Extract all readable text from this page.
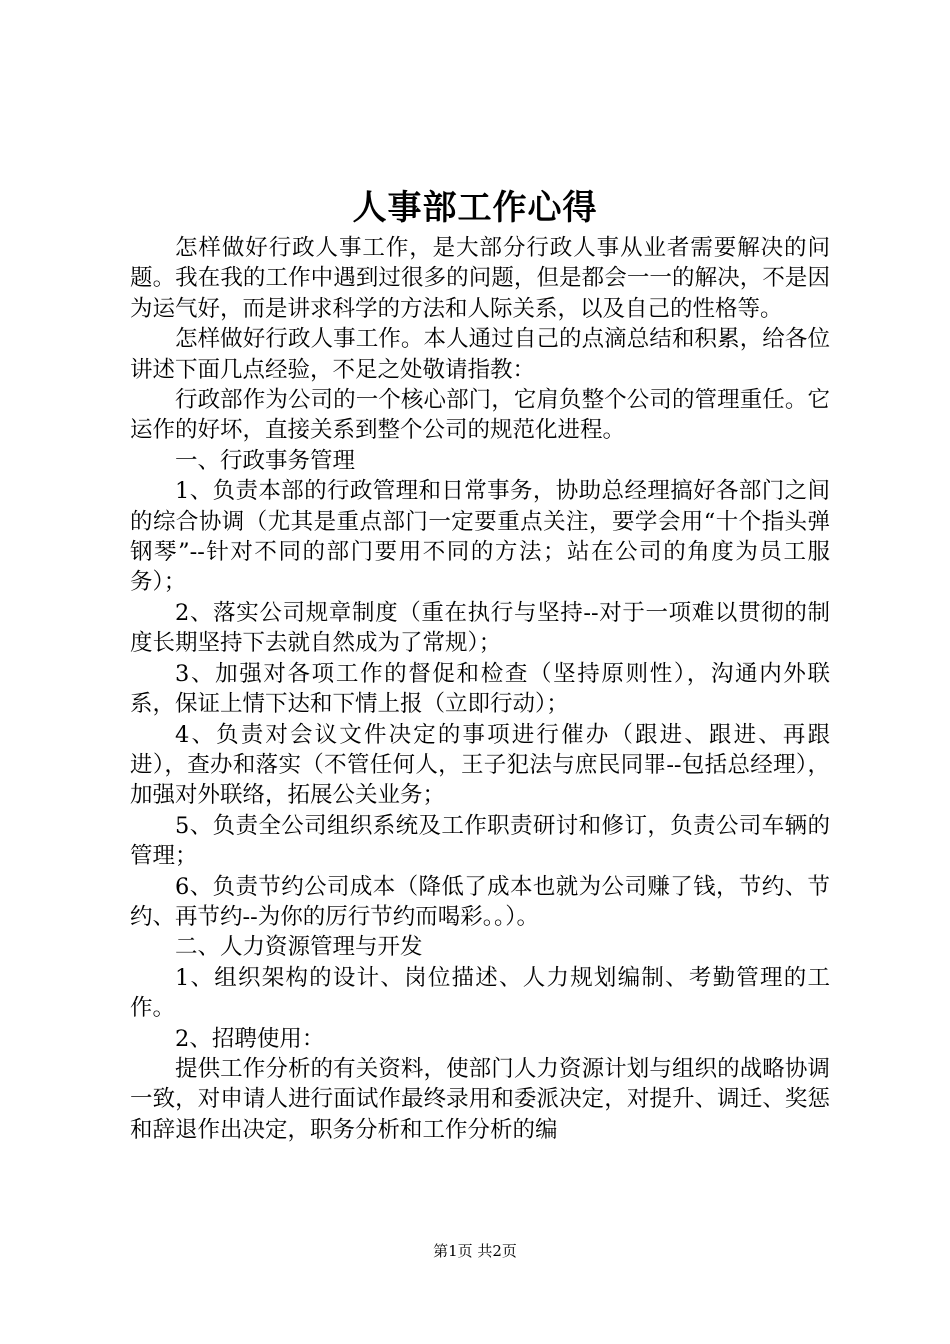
人事部工作心得

怎样做好行政人事工作，是大部分行政人事从业者需要解决的问题。我在我的工作中遇到过很多的问题，但是都会一一的解决，不是因为运气好，而是讲求科学的方法和人际关系，以及自己的性格等。

怎样做好行政人事工作。本人通过自己的点滴总结和积累，给各位讲述下面几点经验，不足之处敬请指教：

行政部作为公司的一个核心部门，它肩负整个公司的管理重任。它运作的好坏，直接关系到整个公司的规范化进程。

一、行政事务管理

1、负责本部的行政管理和日常事务，协助总经理搞好各部门之间的综合协调（尤其是重点部门一定要重点关注，要学会用“十个指头弹钢琴”--针对不同的部门要用不同的方法；站在公司的角度为员工服务）；

2、落实公司规章制度（重在执行与坚持--对于一项难以贯彻的制度长期坚持下去就自然成为了常规）；

3、加强对各项工作的督促和检查（坚持原则性），沟通内外联系，保证上情下达和下情上报（立即行动）；

4、负责对会议文件决定的事项进行催办（跟进、跟进、再跟进），查办和落实（不管任何人，王子犯法与庶民同罪--包括总经理），加强对外联络，拓展公关业务；

5、负责全公司组织系统及工作职责研讨和修订，负责公司车辆的管理；

6、负责节约公司成本（降低了成本也就为公司赚了钱，节约、节约、再节约--为你的厉行节约而喝彩。。）。

二、人力资源管理与开发

1、组织架构的设计、岗位描述、人力规划编制、考勤管理的工作。

2、招聘使用：

提供工作分析的有关资料，使部门人力资源计划与组织的战略协调一致，对申请人进行面试作最终录用和委派决定，对提升、调迁、奖惩和辞退作出决定，职务分析和工作分析的编

第1页 共2页
